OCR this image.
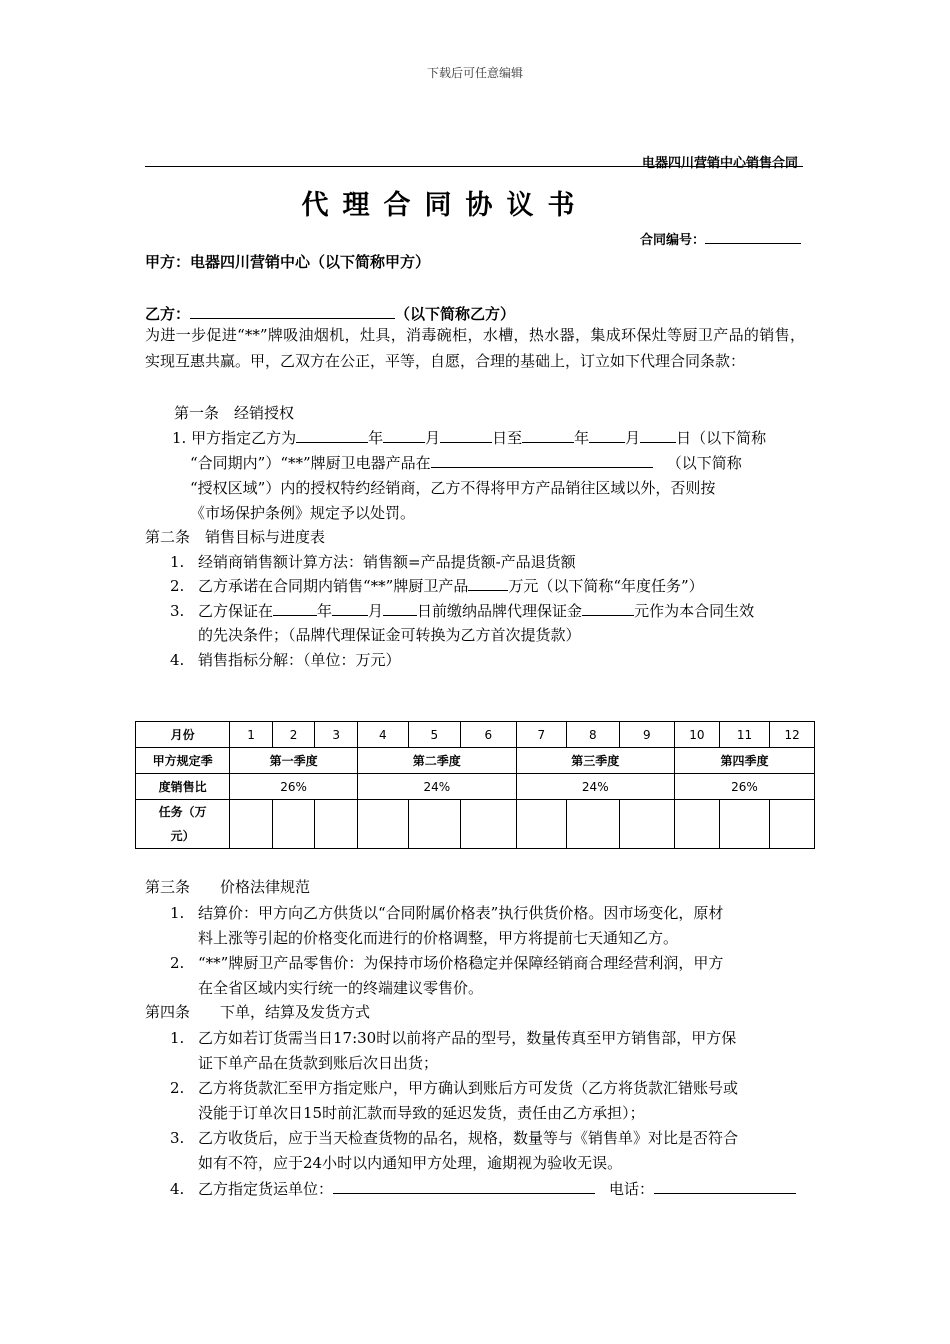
下载后可任意编辑
电器四川营销中心销售合同
代理合同协议书
合同编号：
甲方：电器四川营销中心（以下简称甲方）
乙方：	（以下简称乙方）
为进一步促进“**”牌吸油烟机，灶具，消毒碗柜，水槽，热水器，集成环保灶等厨卫产品的销售，实现互惠共赢。甲，乙双方在公正，平等，自愿，合理的基础上，订立如下代理合同条款：
第一条　经销授权
1. 甲方指定乙方为	年	月	日至	年 月 日（以下简称
“合同期内”）“**”牌厨卫电器产品在	（以下简称
“授权区域”）内的授权特约经销商，乙方不得将甲方产品销往区域以外，否则按
《市场保护条例》规定予以处罚。
第二条　销售目标与进度表
1. 经销商销售额计算方法：销售额=产品提货额-产品退货额
2. 乙方承诺在合同期内销售“**”牌厨卫产品	万元（以下简称“年度任务”）
3. 乙方保证在	年 月 日前缴纳品牌代理保证金	元作为本合同生效
的先决条件；（品牌代理保证金可转换为乙方首次提货款）
4. 销售指标分解：（单位：万元）
月份	1	2	3	4	5	6	7	8	9	10	11	12
甲方规定季	第一季度			第二季度			第三季度			第四季度		
度销售比	26%			24%			24%			26%		
任务（万
元）												
第三条　　价格法律规范
1. 结算价：甲方向乙方供货以“合同附属价格表”执行供货价格。因市场变化，原材
料上涨等引起的价格变化而进行的价格调整，甲方将提前七天通知乙方。
2. “**”牌厨卫产品零售价：为保持市场价格稳定并保障经销商合理经营利润，甲方
在全省区域内实行统一的终端建议零售价。
第四条　　下单，结算及发货方式
1. 乙方如若订货需当日17:30时以前将产品的型号，数量传真至甲方销售部，甲方保
证下单产品在货款到账后次日出货；
2. 乙方将货款汇至甲方指定账户，甲方确认到账后方可发货（乙方将货款汇错账号或
没能于订单次日15时前汇款而导致的延迟发货，责任由乙方承担）；
3. 乙方收货后，应于当天检查货物的品名，规格，数量等与《销售单》对比是否符合
如有不符，应于24小时以内通知甲方处理，逾期视为验收无误。
4. 乙方指定货运单位：	电话：
